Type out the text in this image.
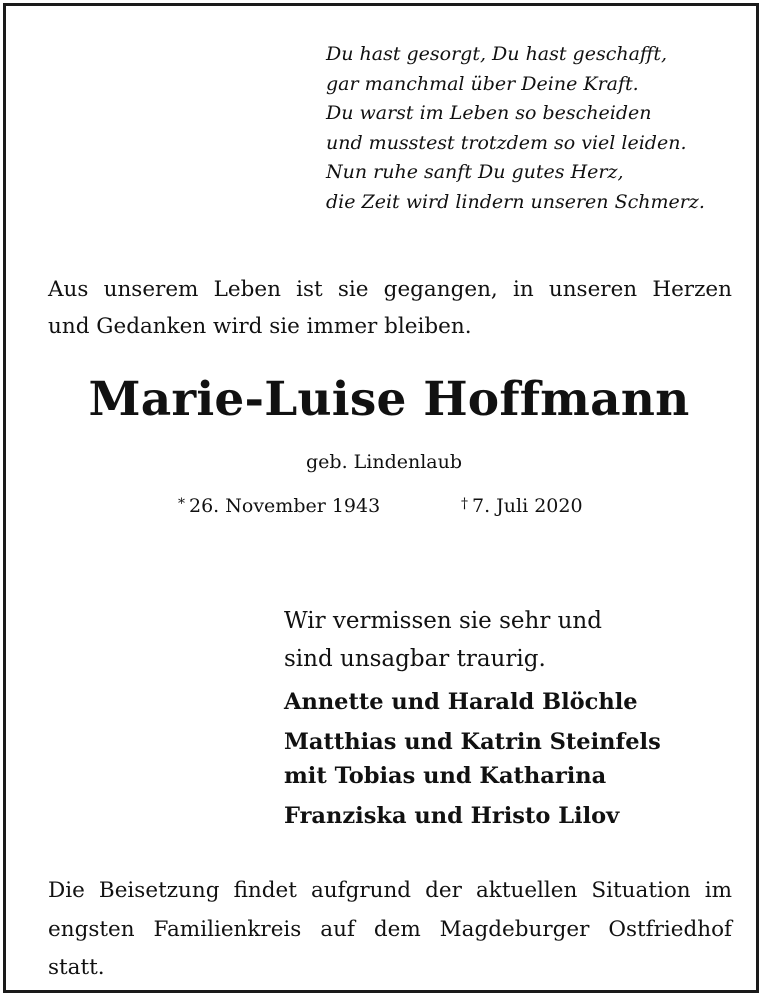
Du hast gesorgt, Du hast geschafft,
gar manchmal über Deine Kraft.
Du warst im Leben so bescheiden
und musstest trotzdem so viel leiden.
Nun ruhe sanft Du gutes Herz,
die Zeit wird lindern unseren Schmerz.
Aus unserem Leben ist sie gegangen, in unseren Herzen
und Gedanken wird sie immer bleiben.
Marie-Luise Hoffmann
geb. Lindenlaub
* 26. November 1943	† 7. Juli 2020
Wir vermissen sie sehr und
sind unsagbar traurig.
Annette und Harald Blöchle
Matthias und Katrin Steinfels
mit Tobias und Katharina
Franziska und Hristo Lilov
Die Beisetzung findet aufgrund der aktuellen Situation im
engsten Familienkreis auf dem Magdeburger Ostfriedhof
statt.
